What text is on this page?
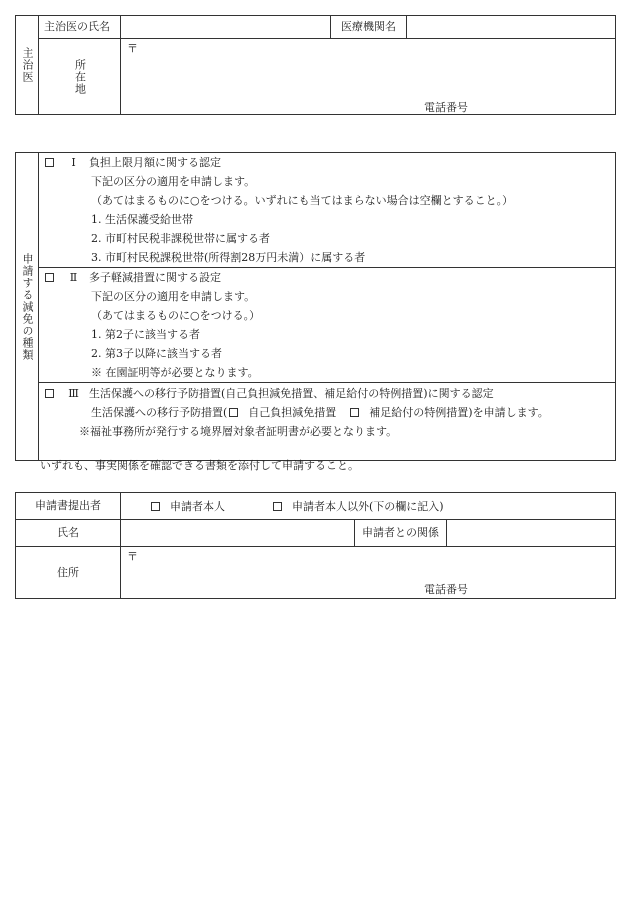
主治医	主治医の氏名		医療機関名	
	所在地	〒
電話番号		
申請する減免の種類	
Ⅰ 負担上限月額に関する認定
下記の区分の適用を申請します。
（あてはまるものに○をつける。いずれにも当てはまらない場合は空欄とすること。）
1. 生活保護受給世帯
2. 市町村民税非課税世帯に属する者
3. 市町村民税課税世帯(所得割28万円未満）に属する者

Ⅱ 多子軽減措置に関する設定
下記の区分の適用を申請します。
（あてはまるものに○をつける。）
1. 第2子に該当する者
2. 第3子以降に該当する者
※ 在園証明等が必要となります。

Ⅲ 生活保護への移行予防措置(自己負担減免措置、補足給付の特例措置)に関する認定
生活保護への移行予防措置( 自己負担減免措置	補足給付の特例措置)を申請します。
※福祉事務所が発行する境界層対象者証明書が必要となります。
いずれも、事実関係を確認できる書類を添付して申請すること。
申請書提出者	申請者本人 申請者本人以外(下の欄に記入)		
氏名		申請者との関係	
住所	〒
電話番号		
